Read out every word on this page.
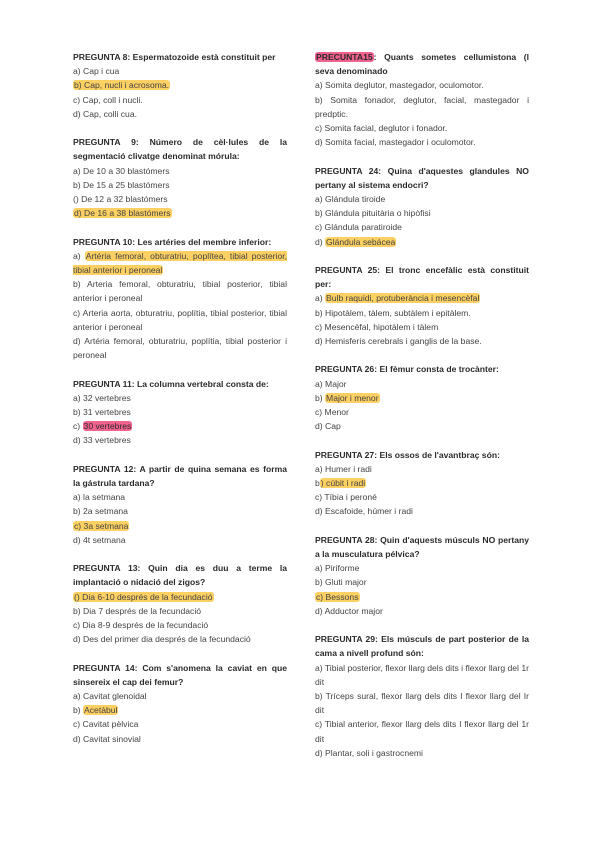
PREGUNTA 8: Espermatozoide està constituit per
a) Cap i cua
b) Cap, nucli i acrosoma.
c) Cap, coll i nucli.
d) Cap, colli cua.
PREGUNTA 9: Número de cèl·lules de la segmentació clivatge denominat mórula:
a) De 10 a 30 blastómers
b) De 15 a 25 blastómers
() De 12 a 32 blastómers
d) De 16 a 38 blastómers
PREGUNTA 10: Les artéries del membre inferior:
a) Artéria femoral, obturatriu, poplítea, tibial posterior, tibial anterior i peroneal
b) Arteria femoral, obturatriu, tibial posterior, tibial anterior i peroneal
c) Arteria aorta, obturatriu, poplítia, tibial posterior, tibial anterior i peroneal
d) Artéria femoral, obturatriu, poplítia, tibial posterior i peroneal
PREGUNTA 11: La columna vertebral consta de:
a) 32 vertebres
b) 31 vertebres
c) 30 vertebres
d) 33 vertebres
PREGUNTA 12: A partir de quina semana es forma la gástrula tardana?
a) la setmana
b) 2a setmana
c) 3a setmana
d) 4t setmana
PREGUNTA 13: Quin dia es duu a terme la implantació o nidació del zigos?
() Dia 6-10 després de la fecundació
b) Dia 7 després de la fecundació
c) Dia 8-9 després de la fecundació
d) Des del primer dia després de la fecundació
PREGUNTA 14: Com s'anomena la caviat en que sinsereix el cap dei femur?
a) Cavitat glenoidal
b) Acetàbul
c) Cavitat pèlvica
d) Cavitat sinovial
PRECUNTA15: Quants sometes cellumistona (l seva denominado
a) Somita deglutor, mastegador, oculomotor.
b) Somita fonador, deglutor, facial, mastegador i predptic.
c) Somita facial, deglutor i fonador.
d) Somita facial, mastegador i oculomotor.
PREGUNTA 24: Quina d'aquestes glandules NO pertany al sistema endocri?
a) Glándula tiroide
b) Glándula pituitària o hipòfisi
c) Glándula paratiroide
d) Glándula sebácea
PREGUNTA 25: El tronc encefàlic està constituit per:
a) Bulb raquidi, protuberància i mesencèfal
b) Hipotàlem, tàlem, subtàlem i epitàlem.
c) Mesencèfal, hipotàlem i tàlem
d) Hemisferis cerebrals i ganglis de la base.
PREGUNTA 26: El fèmur consta de trocànter:
a) Major
b) Major i menor
c) Menor
d) Cap
PREGUNTA 27: Els ossos de l'avantbraç són:
a) Humer i radi
b) cúbit i radi
c) Tíbia i peroné
d) Escafoide, húmer i radi
PREGUNTA 28: Quin d'aquests músculs NO pertany a la musculatura pélvica?
a) Piriforme
b) Gluti major
c) Bessons
d) Adductor major
PREGUNTA 29: Els músculs de part posterior de la cama a nivell profund són:
a) Tibial posterior, flexor llarg dels dits i flexor llarg del 1r dit
b) Tríceps sural, flexor llarg dels dits I flexor llarg del Ir dit
c) Tibial anterior, flexor llarg dels dits I flexor llarg del 1r dit
d) Plantar, soli i gastrocnemi
